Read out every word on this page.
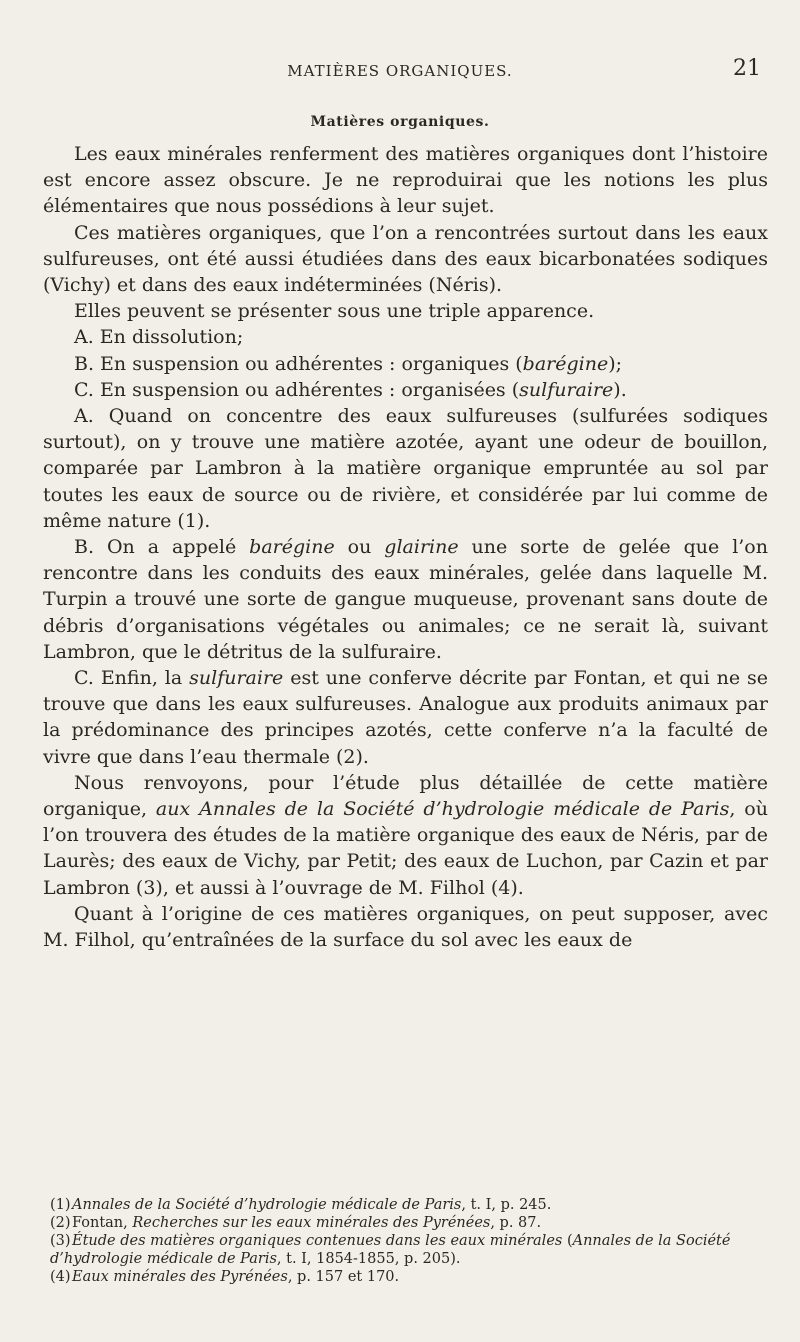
MATIÈRES ORGANIQUES.	21
Matières organiques.

Les eaux minérales renferment des matières organiques dont l’histoire est encore assez obscure. Je ne reproduirai que les notions les plus élémentaires que nous possédions à leur sujet.

Ces matières organiques, que l’on a rencontrées surtout dans les eaux sulfureuses, ont été aussi étudiées dans des eaux bicarbonatées sodiques (Vichy) et dans des eaux indéterminées (Néris).

Elles peuvent se présenter sous une triple apparence.

A. En dissolution;

B. En suspension ou adhérentes : organiques (barégine);

C. En suspension ou adhérentes : organisées (sulfuraire).

A. Quand on concentre des eaux sulfureuses (sulfurées sodiques surtout), on y trouve une matière azotée, ayant une odeur de bouillon, comparée par Lambron à la matière organique empruntée au sol par toutes les eaux de source ou de rivière, et considérée par lui comme de même nature (1).

B. On a appelé barégine ou glairine une sorte de gelée que l’on rencontre dans les conduits des eaux minérales, gelée dans laquelle M. Turpin a trouvé une sorte de gangue muqueuse, provenant sans doute de débris d’organisations végétales ou animales; ce ne serait là, suivant Lambron, que le détritus de la sulfuraire.

C. Enfin, la sulfuraire est une conferve décrite par Fontan, et qui ne se trouve que dans les eaux sulfureuses. Analogue aux produits animaux par la prédominance des principes azotés, cette conferve n’a la faculté de vivre que dans l’eau thermale (2).

Nous renvoyons, pour l’étude plus détaillée de cette matière organique, aux Annales de la Société d’hydrologie médicale de Paris, où l’on trouvera des études de la matière organique des eaux de Néris, par de Laurès; des eaux de Vichy, par Petit; des eaux de Luchon, par Cazin et par Lambron (3), et aussi à l’ouvrage de M. Filhol (4).

Quant à l’origine de ces matières organiques, on peut supposer, avec M. Filhol, qu’entraînées de la surface du sol avec les eaux de

(1)Annales de la Société d’hydrologie médicale de Paris, t. I, p. 245.

(2)Fontan, Recherches sur les eaux minérales des Pyrénées, p. 87.

(3)Étude des matières organiques contenues dans les eaux minérales (Annales de la Société d’hydrologie médicale de Paris, t. I, 1854-1855, p. 205).

(4)Eaux minérales des Pyrénées, p. 157 et 170.
